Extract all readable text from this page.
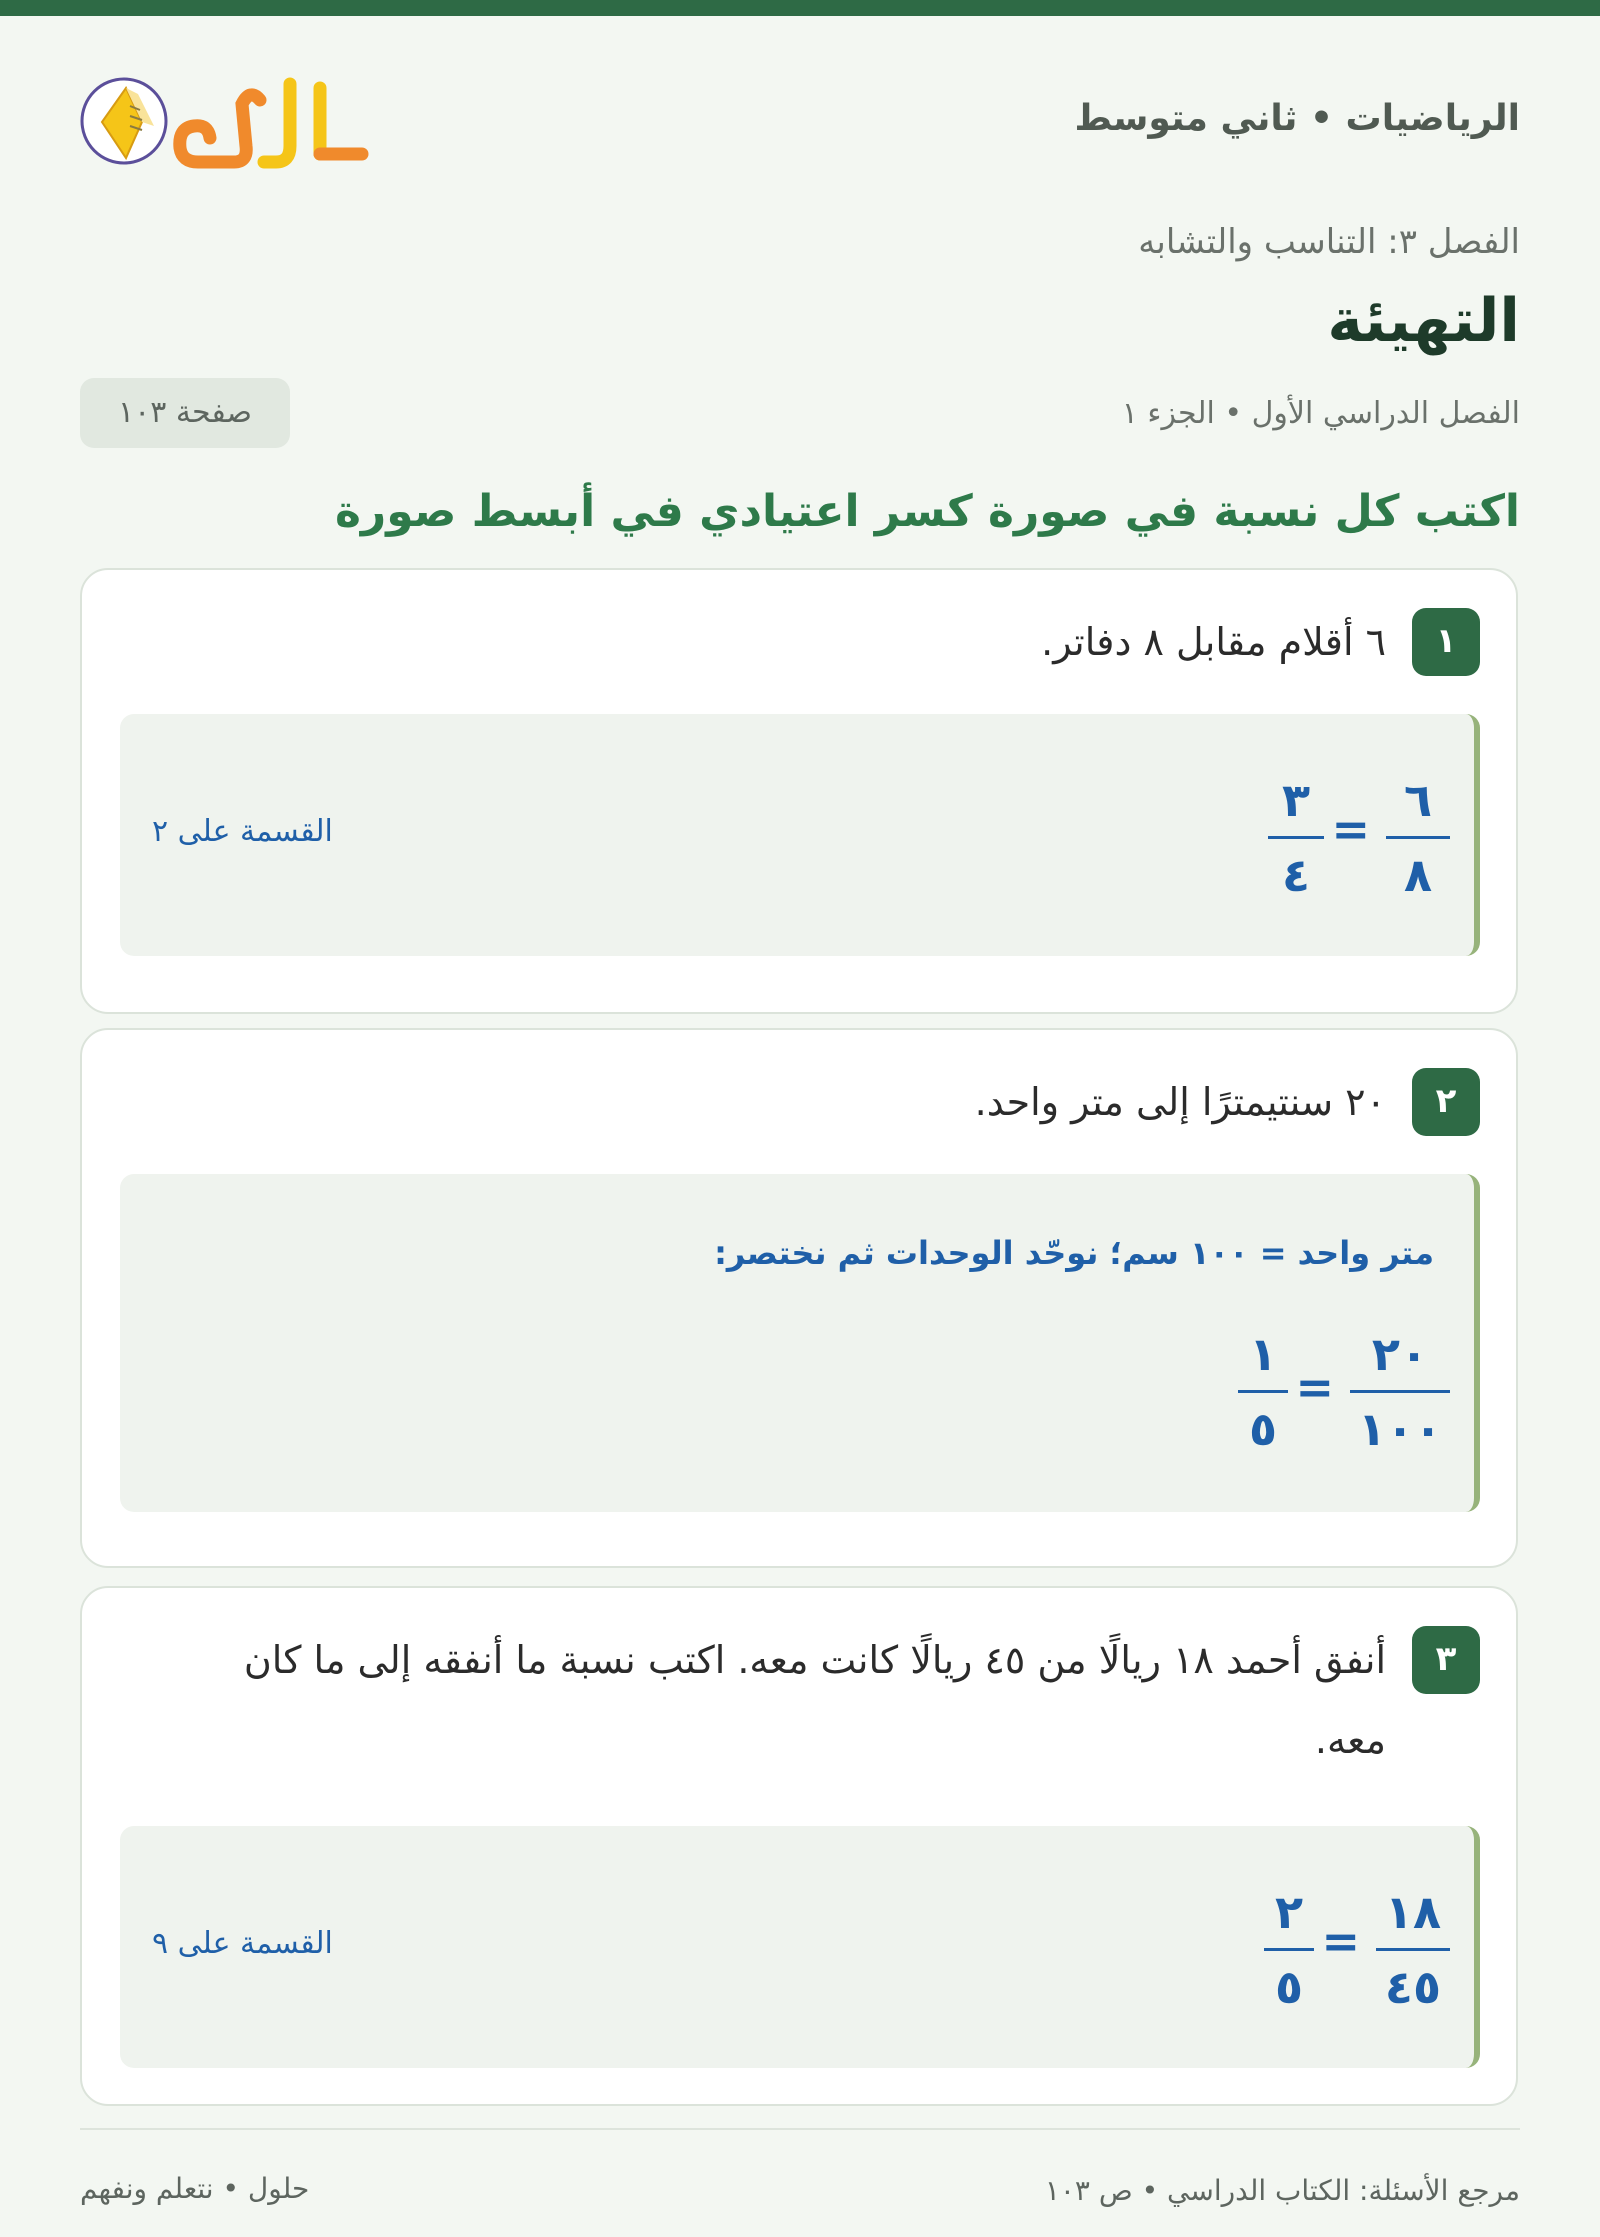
الرياضيات • ثاني متوسط
الفصل ٣: التناسب والتشابه
التهيئة
الفصل الدراسي الأول • الجزء ١
صفحة ١٠٣
اكتب كل نسبة في صورة كسر اعتيادي في أبسط صورة
١
٦ أقلام مقابل ٨ دفاتر.
٦
٨
=
٣
٤
القسمة على ٢
٢
٢٠ سنتيمترًا إلى متر واحد.
متر واحد = ١٠٠ سم؛ نوحّد الوحدات ثم نختصر:
٢٠
١٠٠
=
١
٥
٣
أنفق أحمد ١٨ ريالًا من ٤٥ ريالًا كانت معه. اكتب نسبة ما أنفقه إلى ما كان
معه.
١٨
٤٥
=
٢
٥
القسمة على ٩
مرجع الأسئلة: الكتاب الدراسي • ص ١٠٣
حلول • نتعلم ونفهم
